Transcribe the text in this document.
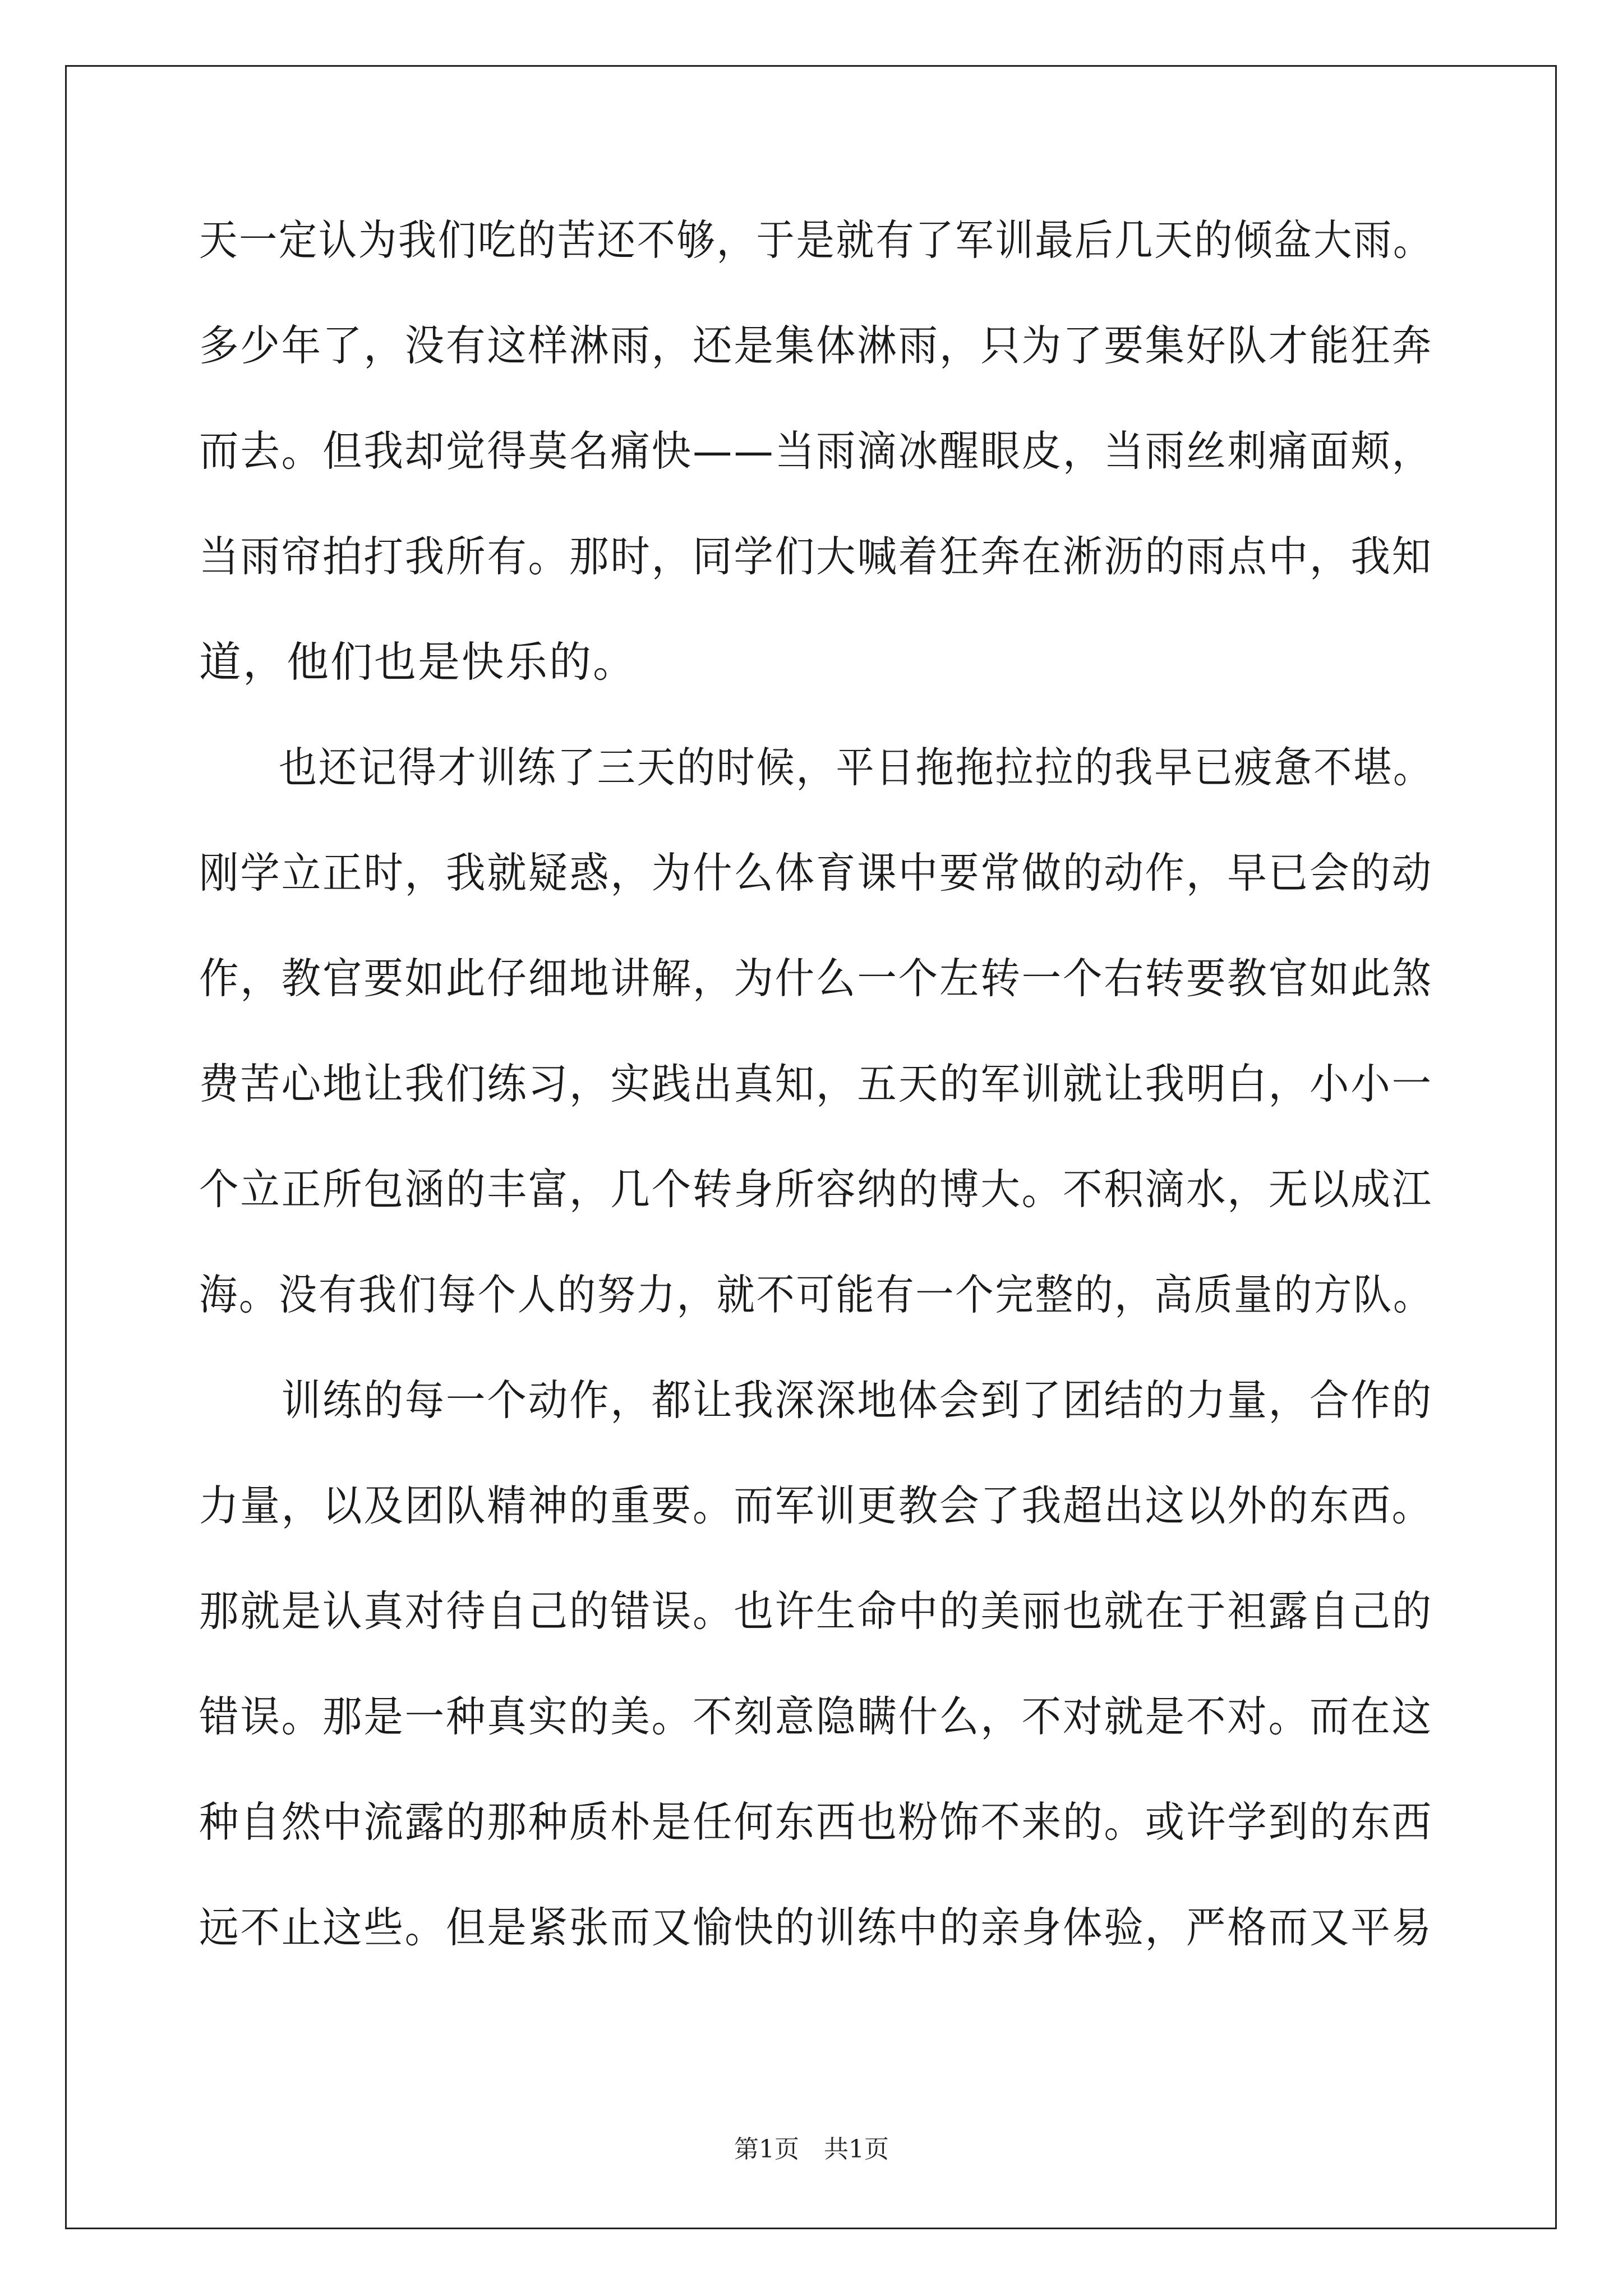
天一定认为我们吃的苦还不够，于是就有了军训最后几天的倾盆大雨。
多少年了，没有这样淋雨，还是集体淋雨，只为了要集好队才能狂奔
而去。但我却觉得莫名痛快——当雨滴冰醒眼皮，当雨丝刺痛面颊，
当雨帘拍打我所有。那时，同学们大喊着狂奔在淅沥的雨点中，我知
道，他们也是快乐的。
也还记得才训练了三天的时候，平日拖拖拉拉的我早已疲惫不堪。
刚学立正时，我就疑惑，为什么体育课中要常做的动作，早已会的动
作，教官要如此仔细地讲解，为什么一个左转一个右转要教官如此煞
费苦心地让我们练习，实践出真知，五天的军训就让我明白，小小一
个立正所包涵的丰富，几个转身所容纳的博大。不积滴水，无以成江
海。没有我们每个人的努力，就不可能有一个完整的，高质量的方队。
训练的每一个动作，都让我深深地体会到了团结的力量，合作的
力量，以及团队精神的重要。而军训更教会了我超出这以外的东西。
那就是认真对待自己的错误。也许生命中的美丽也就在于袒露自己的
错误。那是一种真实的美。不刻意隐瞒什么，不对就是不对。而在这
种自然中流露的那种质朴是任何东西也粉饰不来的。或许学到的东西
远不止这些。但是紧张而又愉快的训练中的亲身体验，严格而又平易
第1页　共1页
